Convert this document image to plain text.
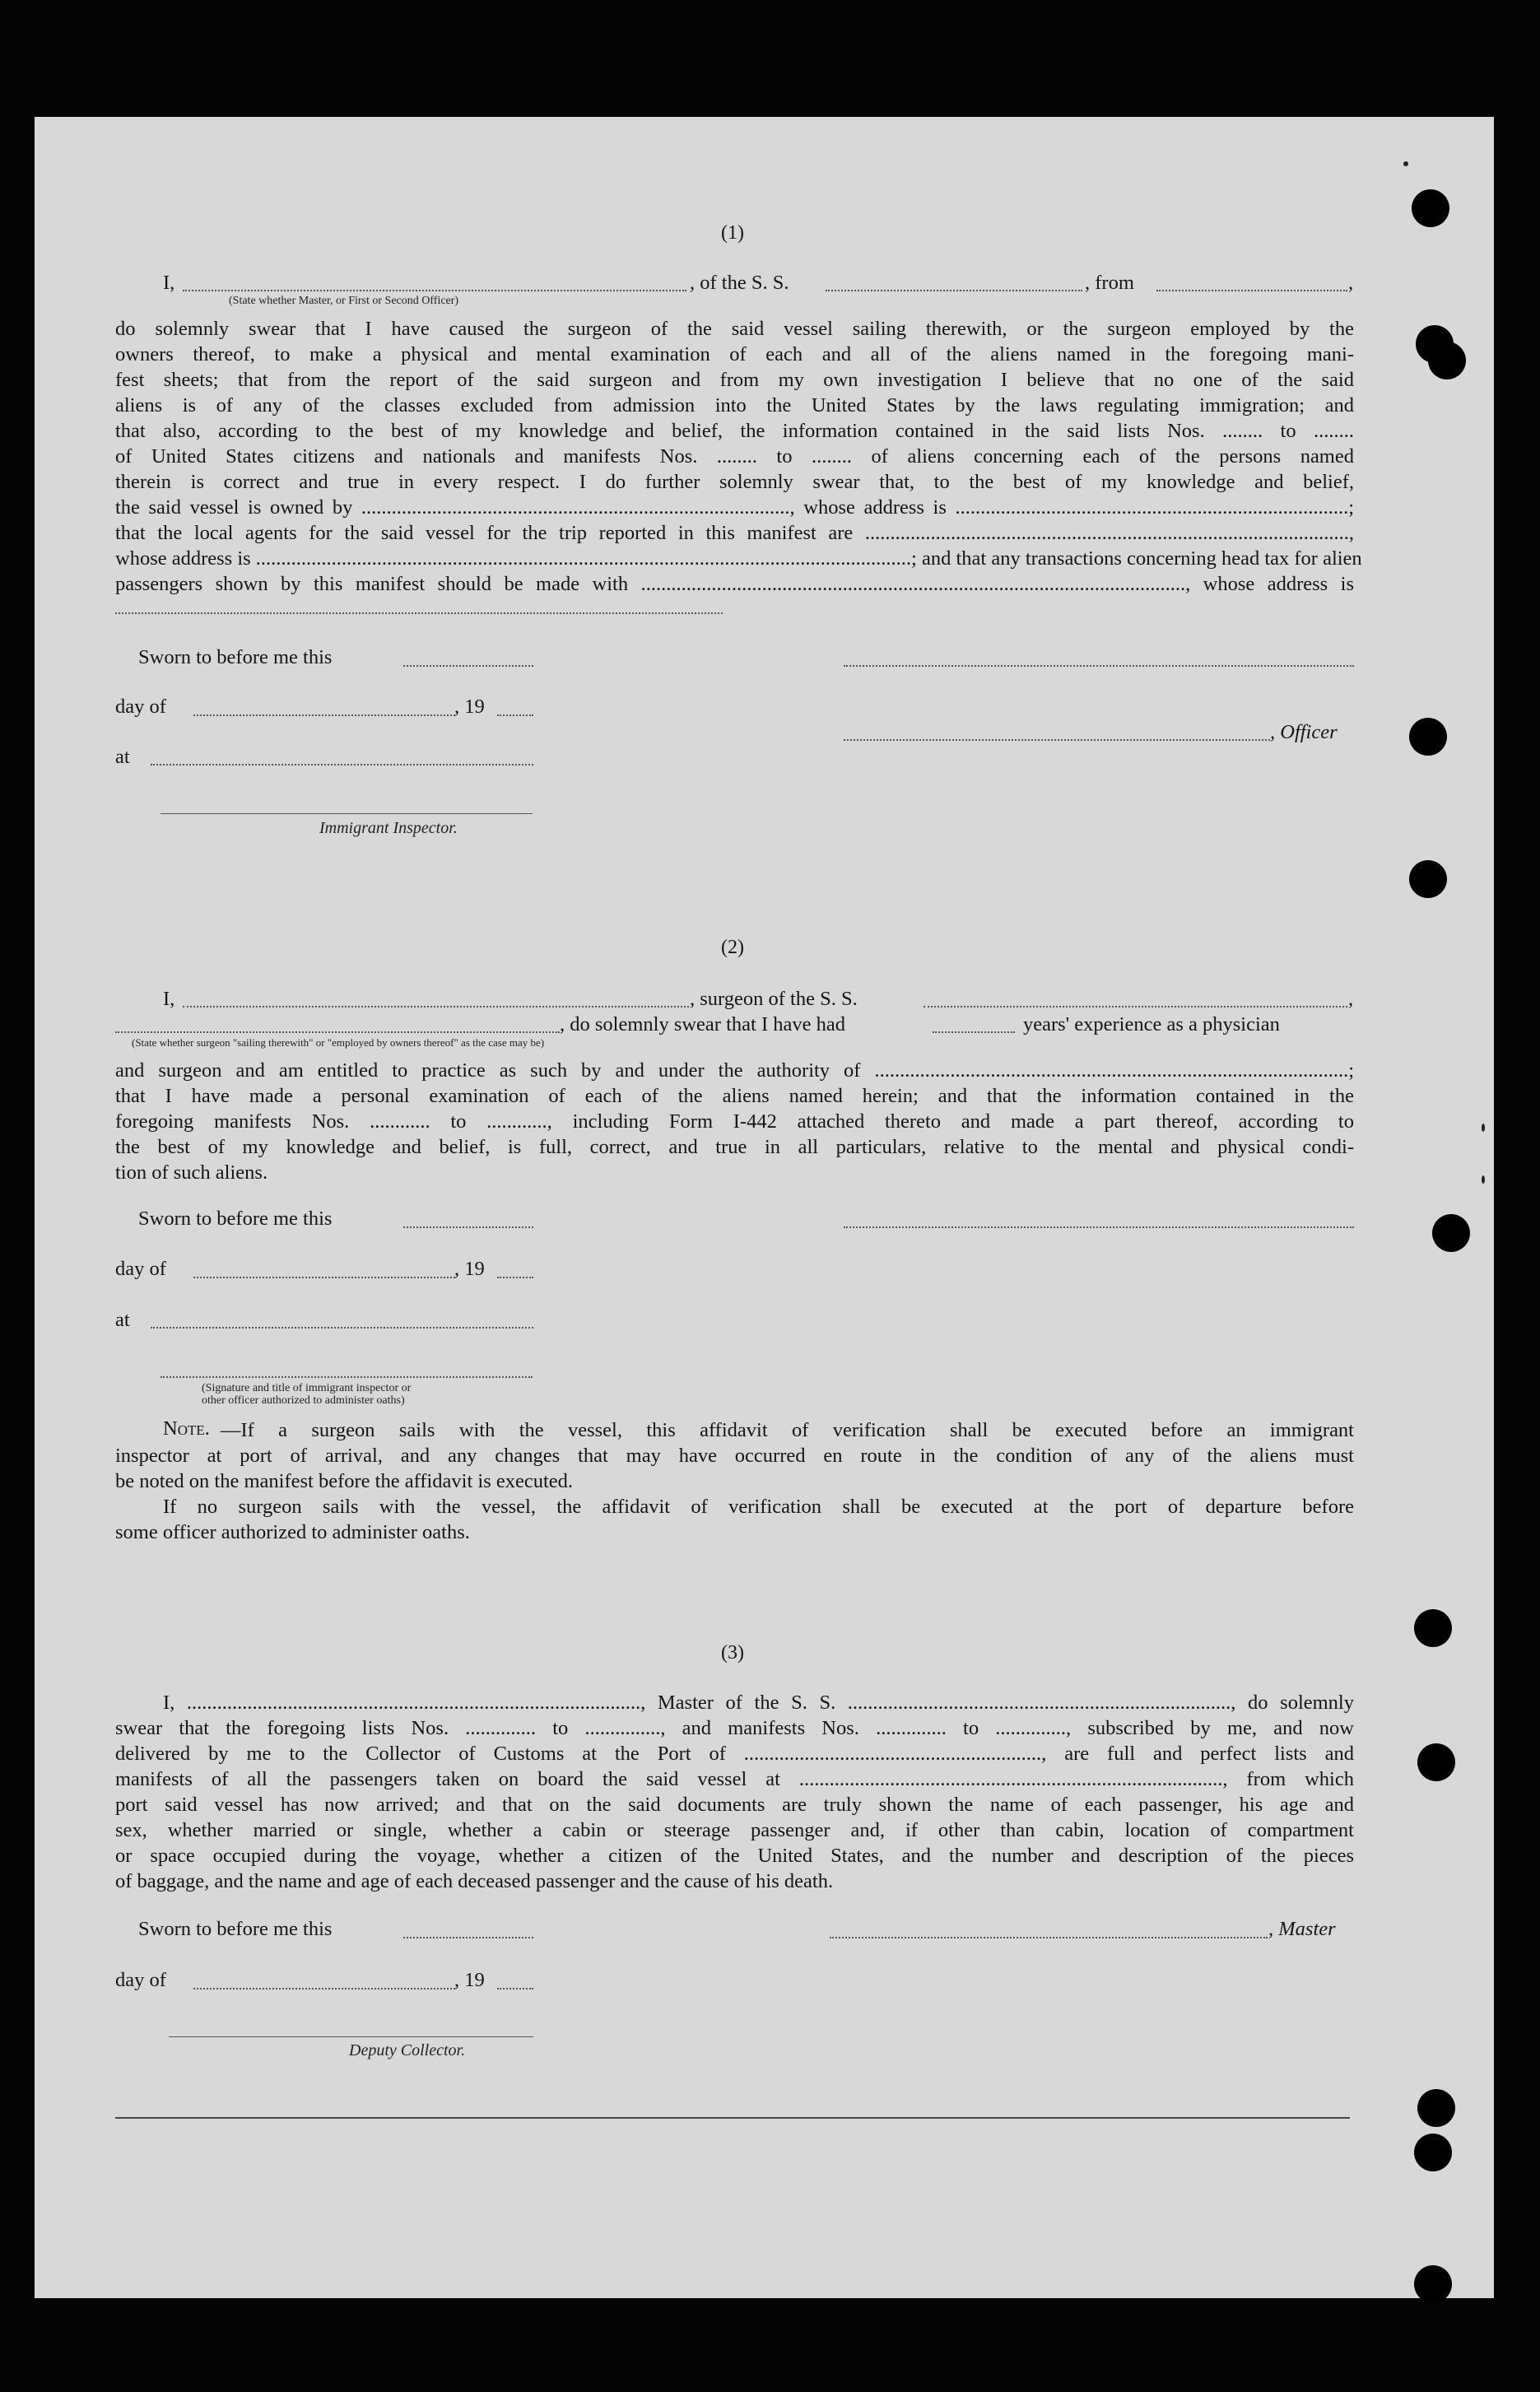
(1)
I,	, of the S. S.	, from	,
(State whether Master, or First or Second Officer)
do solemnly swear that I have caused the surgeon of the said vessel sailing therewith, or the surgeon employed by the
owners thereof, to make a physical and mental examination of each and all of the aliens named in the foregoing mani-
fest sheets; that from the report of the said surgeon and from my own investigation I believe that no one of the said
aliens is of any of the classes excluded from admission into the United States by the laws regulating immigration; and
that also, according to the best of my knowledge and belief, the information contained in the said lists Nos. ........ to ........
of United States citizens and nationals and manifests Nos. ........ to ........ of aliens concerning each of the persons named
therein is correct and true in every respect. I do further solemnly swear that, to the best of my knowledge and belief,
the said vessel is owned by ....................................................................................., whose address is ..............................................................................;
that the local agents for the said vessel for the trip reported in this manifest are ................................................................................................,
whose address is ..................................................................................................................................; and that any transactions concerning head tax for alien
passengers shown by this manifest should be made with ............................................................................................................, whose address is
Sworn to before me this
day of	, 19
, Officer
at
Immigrant Inspector.
(2)
I,	, surgeon of the S. S.	,
, do solemnly swear that I have had	years' experience as a physician
(State whether surgeon "sailing therewith" or "employed by owners thereof" as the case may be)
and surgeon and am entitled to practice as such by and under the authority of ..............................................................................................;
that I have made a personal examination of each of the aliens named herein; and that the information contained in the
foregoing manifests Nos. ............ to ............, including Form I-442 attached thereto and made a part thereof, according to
the best of my knowledge and belief, is full, correct, and true in all particulars, relative to the mental and physical condi-
tion of such aliens.
Sworn to before me this
day of	, 19
at
(Signature and title of immigrant inspector or
other officer authorized to administer oaths)
Note. —If a surgeon sails with the vessel, this affidavit of verification shall be executed before an immigrant
inspector at port of arrival, and any changes that may have occurred en route in the condition of any of the aliens must
be noted on the manifest before the affidavit is executed.
If no surgeon sails with the vessel, the affidavit of verification shall be executed at the port of departure before
some officer authorized to administer oaths.
(3)
I, .........................................................................................., Master of the S. S. ............................................................................, do solemnly
swear that the foregoing lists Nos. .............. to ..............., and manifests Nos. .............. to .............., subscribed by me, and now
delivered by me to the Collector of Customs at the Port of ..........................................................., are full and perfect lists and
manifests of all the passengers taken on board the said vessel at ...................................................................................., from which
port said vessel has now arrived; and that on the said documents are truly shown the name of each passenger, his age and
sex, whether married or single, whether a cabin or steerage passenger and, if other than cabin, location of compartment
or space occupied during the voyage, whether a citizen of the United States, and the number and description of the pieces
of baggage, and the name and age of each deceased passenger and the cause of his death.
Sworn to before me this	, Master
day of	, 19
Deputy Collector.
